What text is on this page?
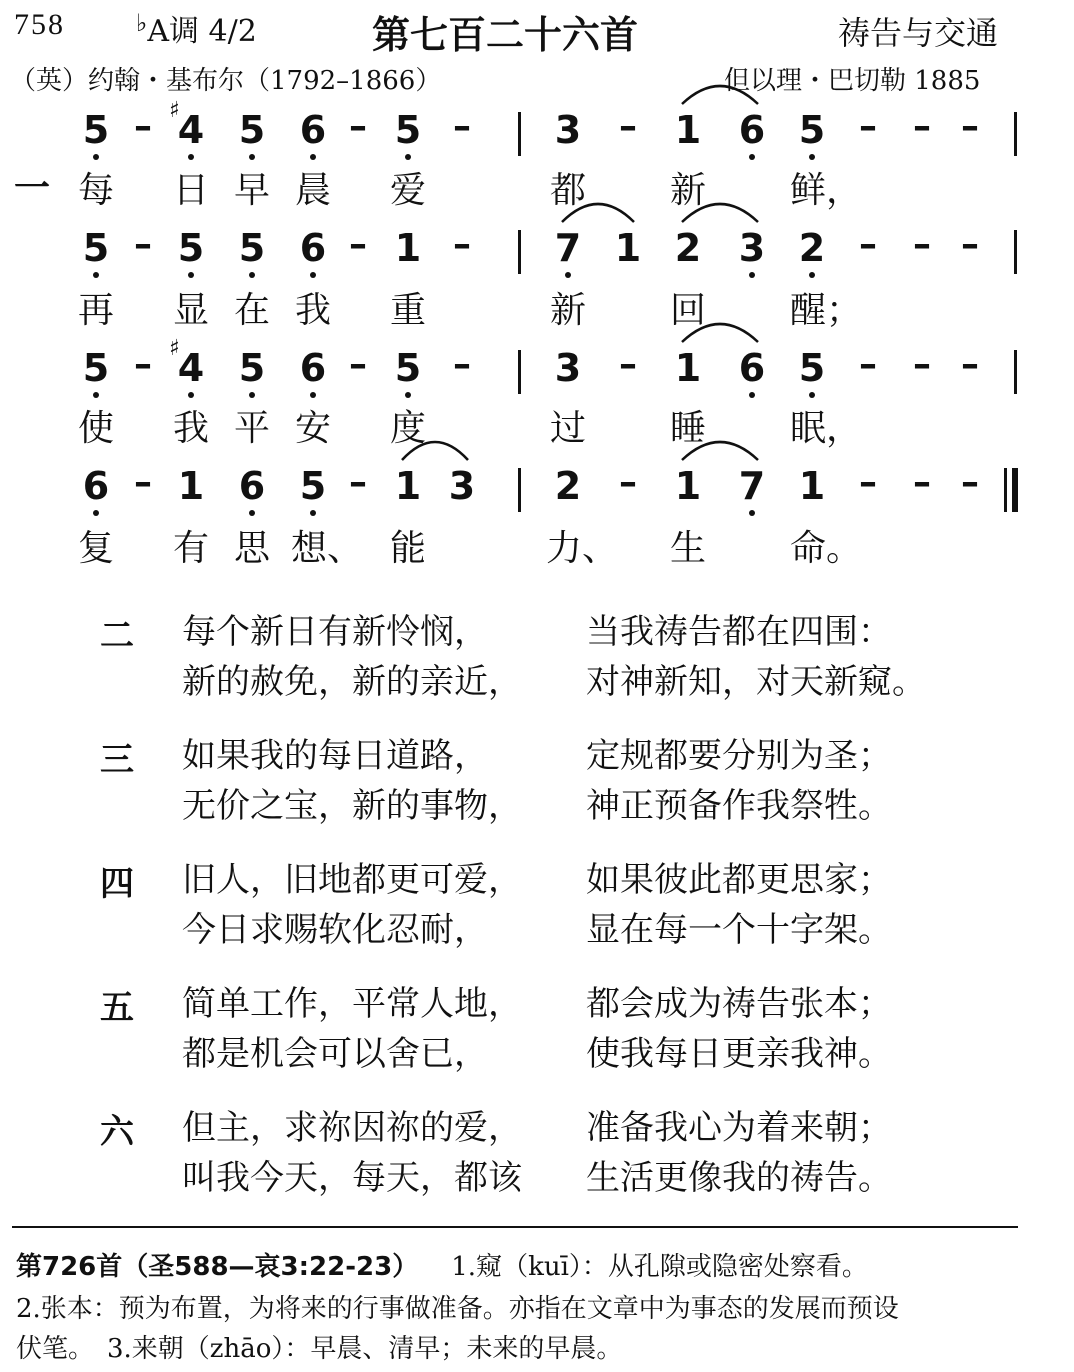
758	♭A调 4/2	第七百二十六首	祷告与交通
（英）约翰・基布尔（1792–1866）	但以理・巴切勒 1885
5 – 4 5 6 – 5 – 3 – 1 6 5 – – –
♯
每 日 早 晨 爱	都 新 鲜，
5 – 5 5 6 – 1 – 7 1 2 3 2 – – –
再 显 在 我 重	新 回 醒；
5 – 4 5 6 – 5 – 3 – 1 6 5 – – –
♯
使 我 平 安 度	过 睡 眠，
6 – 1 6 5 – 1 3 2 – 1 7 1 – – –
复 有 思 想、 能	力、 生 命。
一
二 每个新日有新怜悯，	当我祷告都在四围：
新的赦免，新的亲近， 对神新知，对天新窥。
三 如果我的每日道路，	定规都要分别为圣；
无价之宝，新的事物， 神正预备作我祭牲。
四 旧人，旧地都更可爱， 如果彼此都更思家；
今日求赐软化忍耐，	显在每一个十字架。
五 简单工作，平常人地， 都会成为祷告张本；
都是机会可以舍已，	使我每日更亲我神。
六 但主，求祢因祢的爱， 准备我心为着来朝；
叫我今天，每天，都该 生活更像我的祷告。
第726首（圣588—哀3:22-23） 1.窥（kuī）：从孔隙或隐密处察看。
2.张本：预为布置，为将来的行事做准备。亦指在文章中为事态的发展而预设
伏笔。　3.来朝（zhāo）：早晨、清早；未来的早晨。
